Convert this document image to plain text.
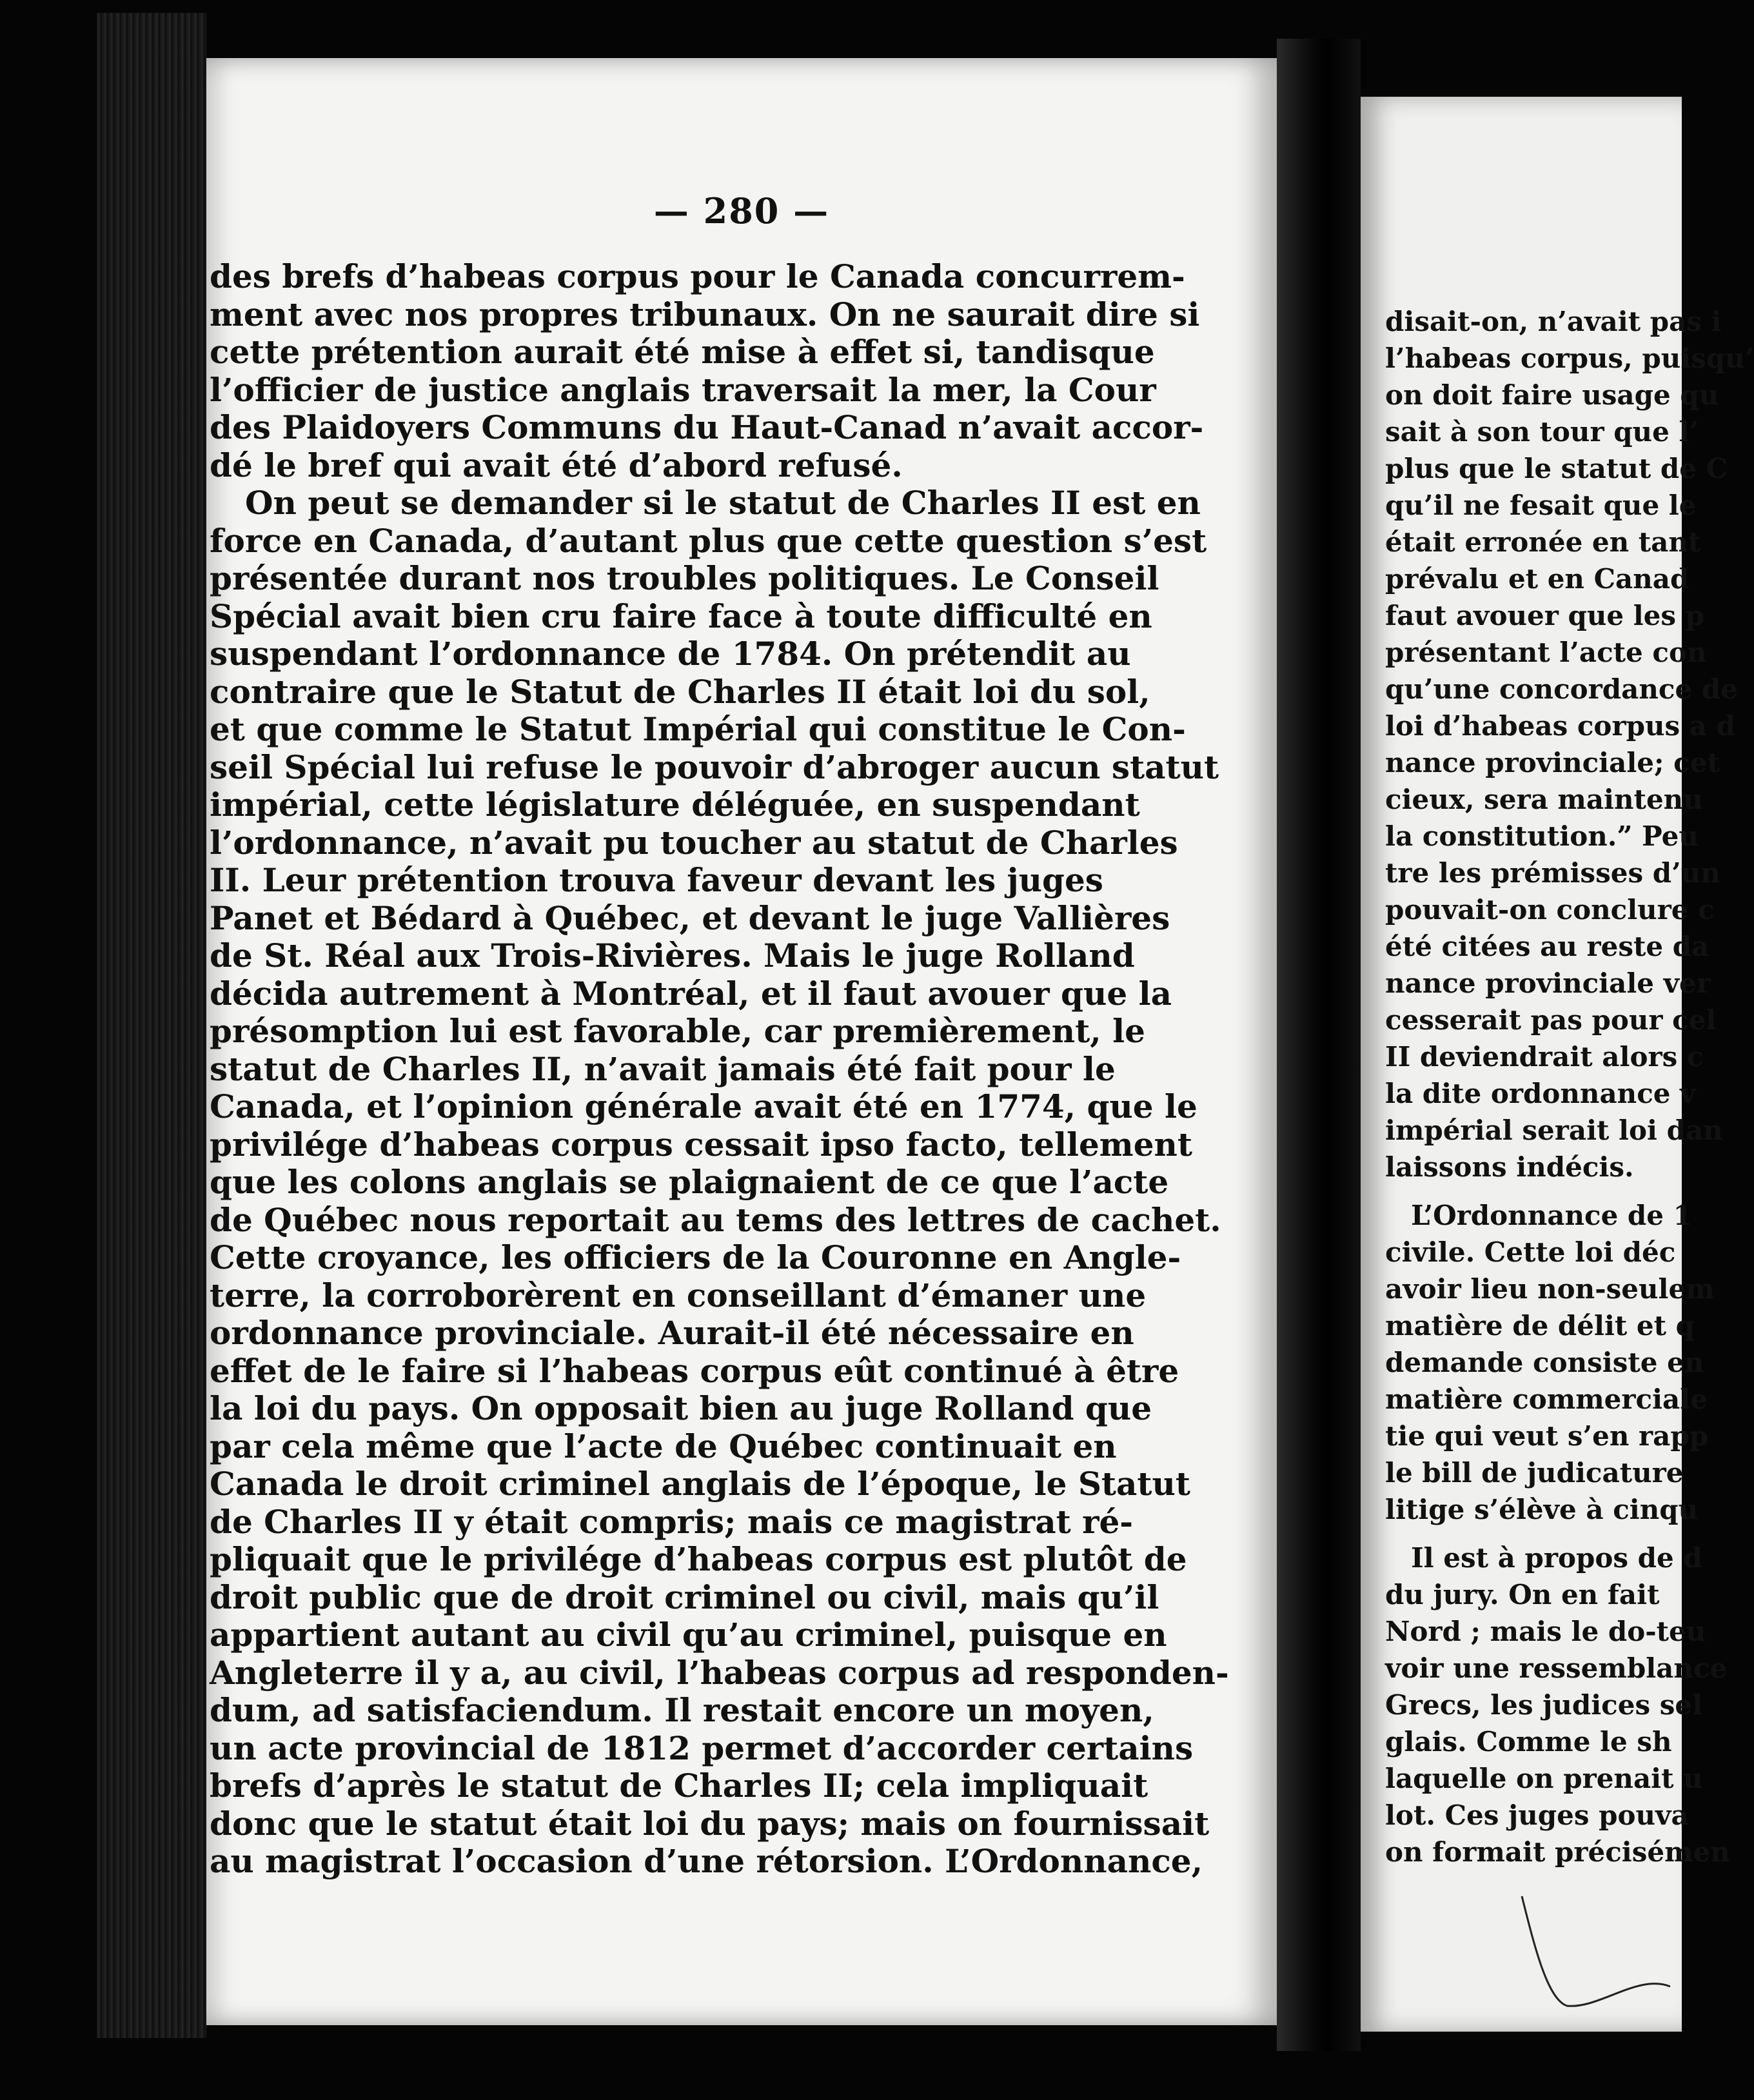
— 280 —
des brefs d’habeas corpus pour le Canada concurrem-
ment avec nos propres tribunaux. On ne saurait dire si
cette prétention aurait été mise à effet si, tandisque
l’officier de justice anglais traversait la mer, la Cour
des Plaidoyers Communs du Haut-Canad n’avait accor-
dé le bref qui avait été d’abord refusé.
On peut se demander si le statut de Charles II est en
force en Canada, d’autant plus que cette question s’est
présentée durant nos troubles politiques. Le Conseil
Spécial avait bien cru faire face à toute difficulté en
suspendant l’ordonnance de 1784. On prétendit au
contraire que le Statut de Charles II était loi du sol,
et que comme le Statut Impérial qui constitue le Con-
seil Spécial lui refuse le pouvoir d’abroger aucun statut
impérial, cette législature déléguée, en suspendant
l’ordonnance, n’avait pu toucher au statut de Charles
II. Leur prétention trouva faveur devant les juges
Panet et Bédard à Québec, et devant le juge Vallières
de St. Réal aux Trois-Rivières. Mais le juge Rolland
décida autrement à Montréal, et il faut avouer que la
présomption lui est favorable, car premièrement, le
statut de Charles II, n’avait jamais été fait pour le
Canada, et l’opinion générale avait été en 1774, que le
privilége d’habeas corpus cessait ipso facto, tellement
que les colons anglais se plaignaient de ce que l’acte
de Québec nous reportait au tems des lettres de cachet.
Cette croyance, les officiers de la Couronne en Angle-
terre, la corroborèrent en conseillant d’émaner une
ordonnance provinciale. Aurait-il été nécessaire en
effet de le faire si l’habeas corpus eût continué à être
la loi du pays. On opposait bien au juge Rolland que
par cela même que l’acte de Québec continuait en
Canada le droit criminel anglais de l’époque, le Statut
de Charles II y était compris; mais ce magistrat ré-
pliquait que le privilége d’habeas corpus est plutôt de
droit public que de droit criminel ou civil, mais qu’il
appartient autant au civil qu’au criminel, puisque en
Angleterre il y a, au civil, l’habeas corpus ad responden-
dum, ad satisfaciendum. Il restait encore un moyen,
un acte provincial de 1812 permet d’accorder certains
brefs d’après le statut de Charles II; cela impliquait
donc que le statut était loi du pays; mais on fournissait
au magistrat l’occasion d’une rétorsion. L’Ordonnance,
disait-on, n’avait pas i
l’habeas corpus, puisqu’
on doit faire usage qu
sait à son tour que l’
plus que le statut de C
qu’il ne fesait que le
était erronée en tant
prévalu et en Canad
faut avouer que les p
présentant l’acte con
qu’une concordance de
loi d’habeas corpus a d
nance provinciale; cet
cieux, sera maintenu
la constitution.” Peu
tre les prémisses d’un
pouvait-on conclure c
été citées au reste da
nance provinciale ver
cesserait pas pour cel
II deviendrait alors c
la dite ordonnance v
impérial serait loi dan
laissons indécis.
L’Ordonnance de 1
civile. Cette loi déc
avoir lieu non-seulem
matière de délit et q
demande consiste en
matière commerciale
tie qui veut s’en rapp
le bill de judicature
litige s’élève à cinqu
Il est à propos de d
du jury. On en fait
Nord ; mais le do-teu
voir une ressemblance
Grecs, les judices sel
glais. Comme le sh
laquelle on prenait u
lot. Ces juges pouva
on formait précisémen
